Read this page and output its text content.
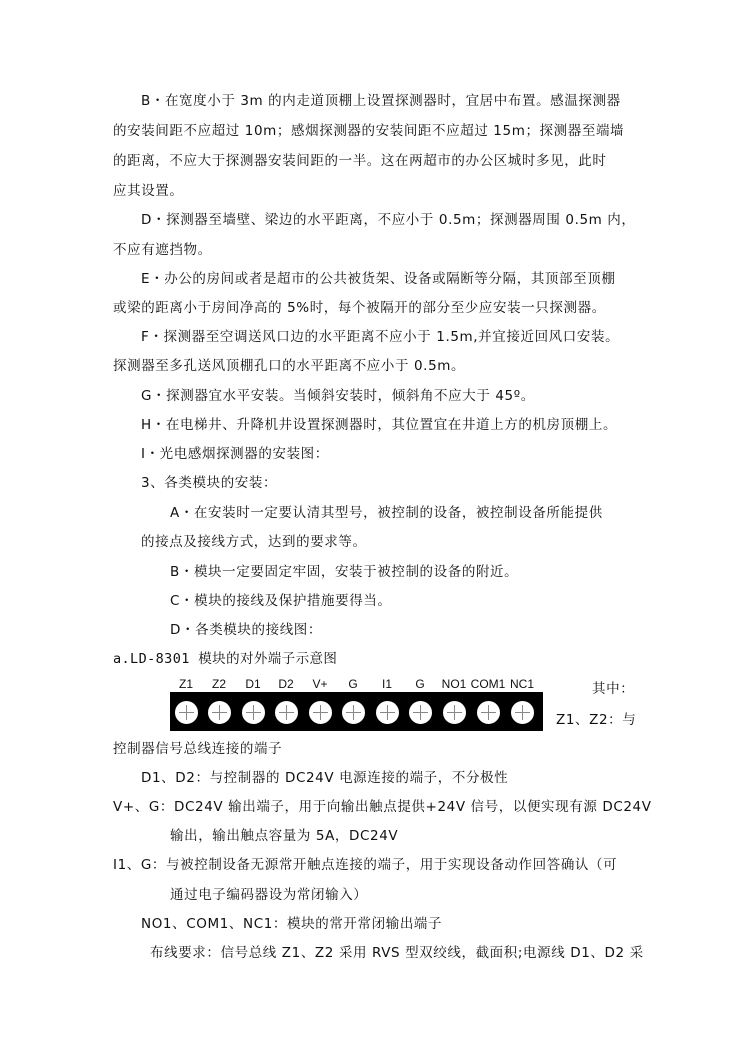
B・在宽度小于 3m 的内走道顶棚上设置探测器时，宜居中布置。感温探测器
的安装间距不应超过 10m；感烟探测器的安装间距不应超过 15m；探测器至端墙
的距离，不应大于探测器安装间距的一半。这在两超市的办公区城时多见，此时
应其设置。
D・探测器至墙壁、梁边的水平距离，不应小于 0.5m；探测器周围 0.5m 内，
不应有遮挡物。
E・办公的房间或者是超市的公共被货架、设备或隔断等分隔，其顶部至顶棚
或梁的距离小于房间净高的 5%时，每个被隔开的部分至少应安装一只探测器。
F・探测器至空调送风口边的水平距离不应小于 1.5m,并宜接近回风口安装。
探测器至多孔送风顶棚孔口的水平距离不应小于 0.5m。
G・探测器宜水平安装。当倾斜安装时，倾斜角不应大于 45º。
H・在电梯井、升降机井设置探测器时，其位置宜在井道上方的机房顶棚上。
I・光电感烟探测器的安装图：
3、各类模块的安装：
A・在安装时一定要认清其型号，被控制的设备，被控制设备所能提供
的接点及接线方式，达到的要求等。
B・模块一定要固定牢固，安装于被控制的设备的附近。
C・模块的接线及保护措施要得当。
D・各类模块的接线图：
a.LD-8301 模块的对外端子示意图
Z1 Z2 D1 D2 V+ G I1 G NO1 COM1 NC1	其中：
Z1、Z2：与
控制器信号总线连接的端子
D1、D2：与控制器的 DC24V 电源连接的端子，不分极性
V+、G：DC24V 输出端子，用于向输出触点提供+24V 信号，以便实现有源 DC24V
输出，输出触点容量为 5A，DC24V
I1、G：与被控制设备无源常开触点连接的端子，用于实现设备动作回答确认（可
通过电子编码器设为常闭输入）
NO1、COM1、NC1：模块的常开常闭输出端子
布线要求：信号总线 Z1、Z2 采用 RVS 型双绞线，截面积;电源线 D1、D2 采
